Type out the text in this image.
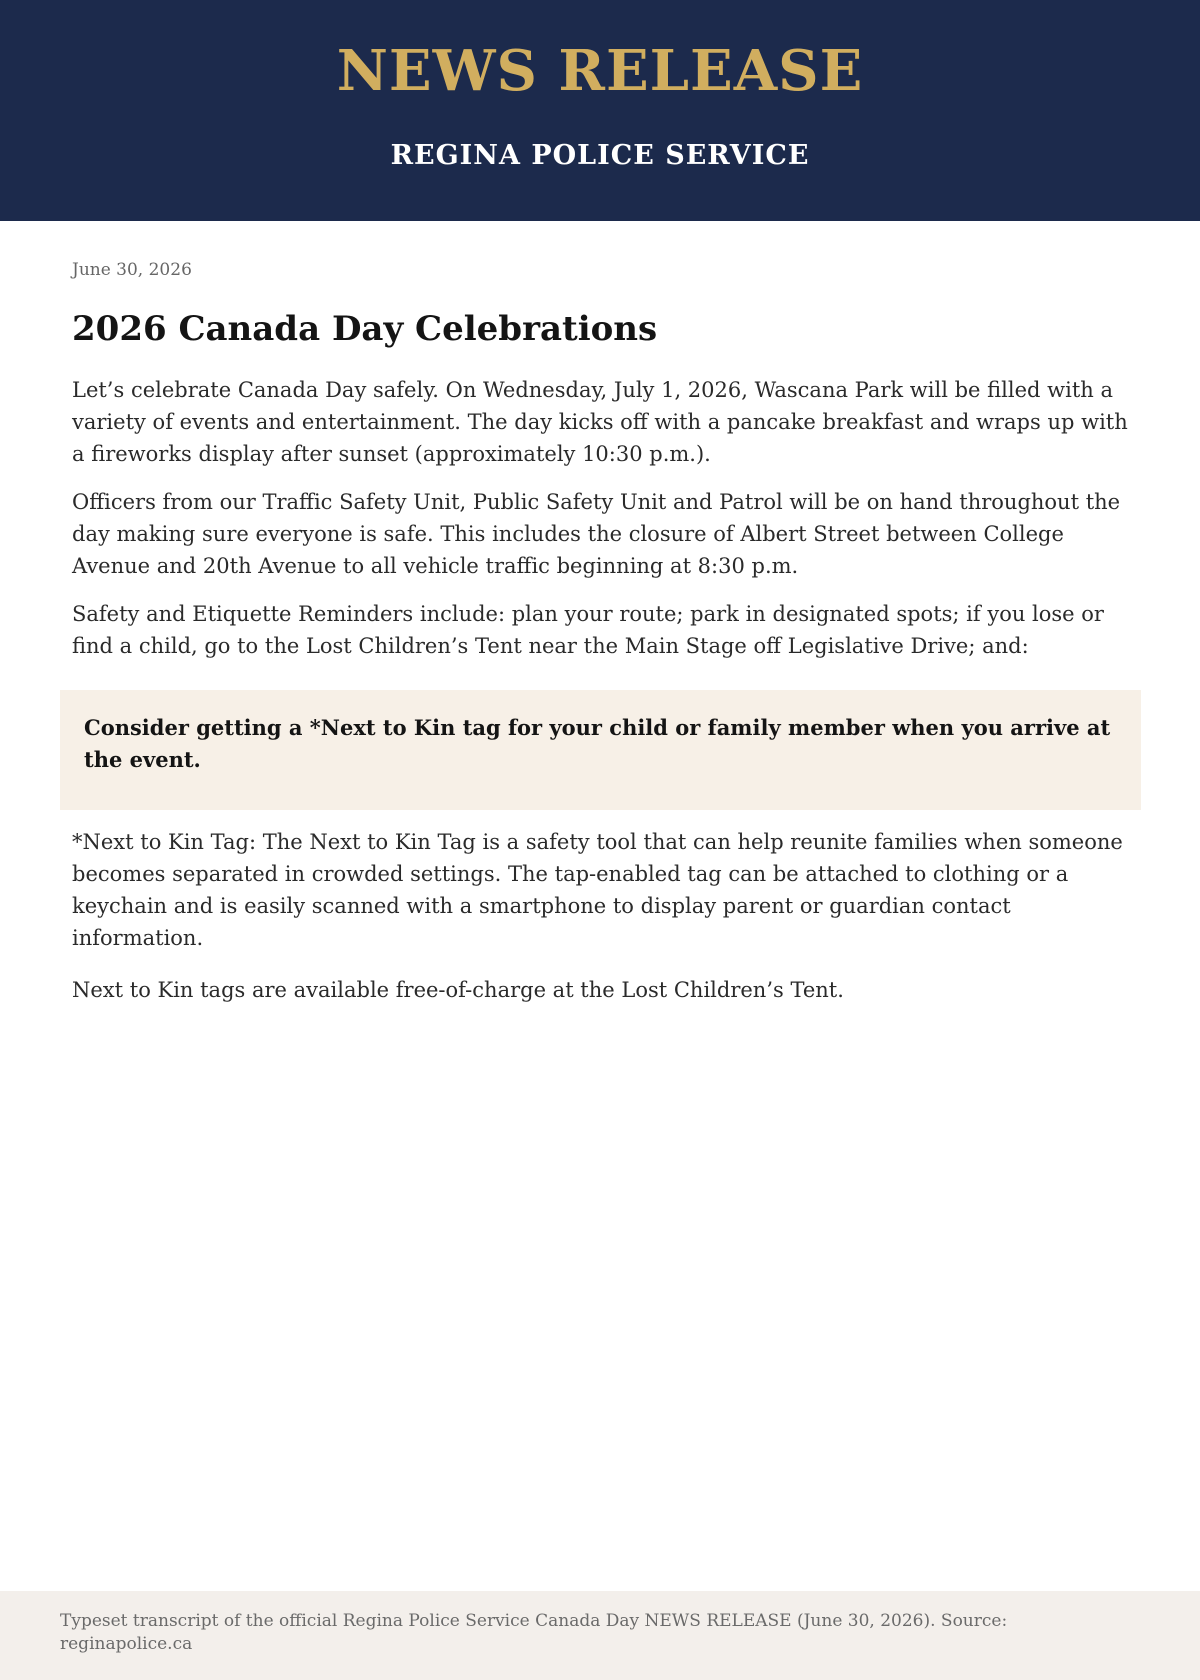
NEWS RELEASE
REGINA POLICE SERVICE

June 30, 2026

2026 Canada Day Celebrations

Let’s celebrate Canada Day safely. On Wednesday, July 1, 2026, Wascana Park will be filled with a variety of events and entertainment. The day kicks off with a pancake breakfast and wraps up with a fireworks display after sunset (approximately 10:30 p.m.).

Officers from our Traffic Safety Unit, Public Safety Unit and Patrol will be on hand throughout the day making sure everyone is safe. This includes the closure of Albert Street between College Avenue and 20th Avenue to all vehicle traffic beginning at 8:30 p.m.

Safety and Etiquette Reminders include: plan your route; park in designated spots; if you lose or find a child, go to the Lost Children’s Tent near the Main Stage off Legislative Drive; and:

Consider getting a *Next to Kin tag for your child or family member when you arrive at the event.

*Next to Kin Tag: The Next to Kin Tag is a safety tool that can help reunite families when someone becomes separated in crowded settings. The tap-enabled tag can be attached to clothing or a keychain and is easily scanned with a smartphone to display parent or guardian contact information.

Next to Kin tags are available free-of-charge at the Lost Children’s Tent.

Typeset transcript of the official Regina Police Service Canada Day NEWS RELEASE (June 30, 2026). Source: reginapolice.ca
